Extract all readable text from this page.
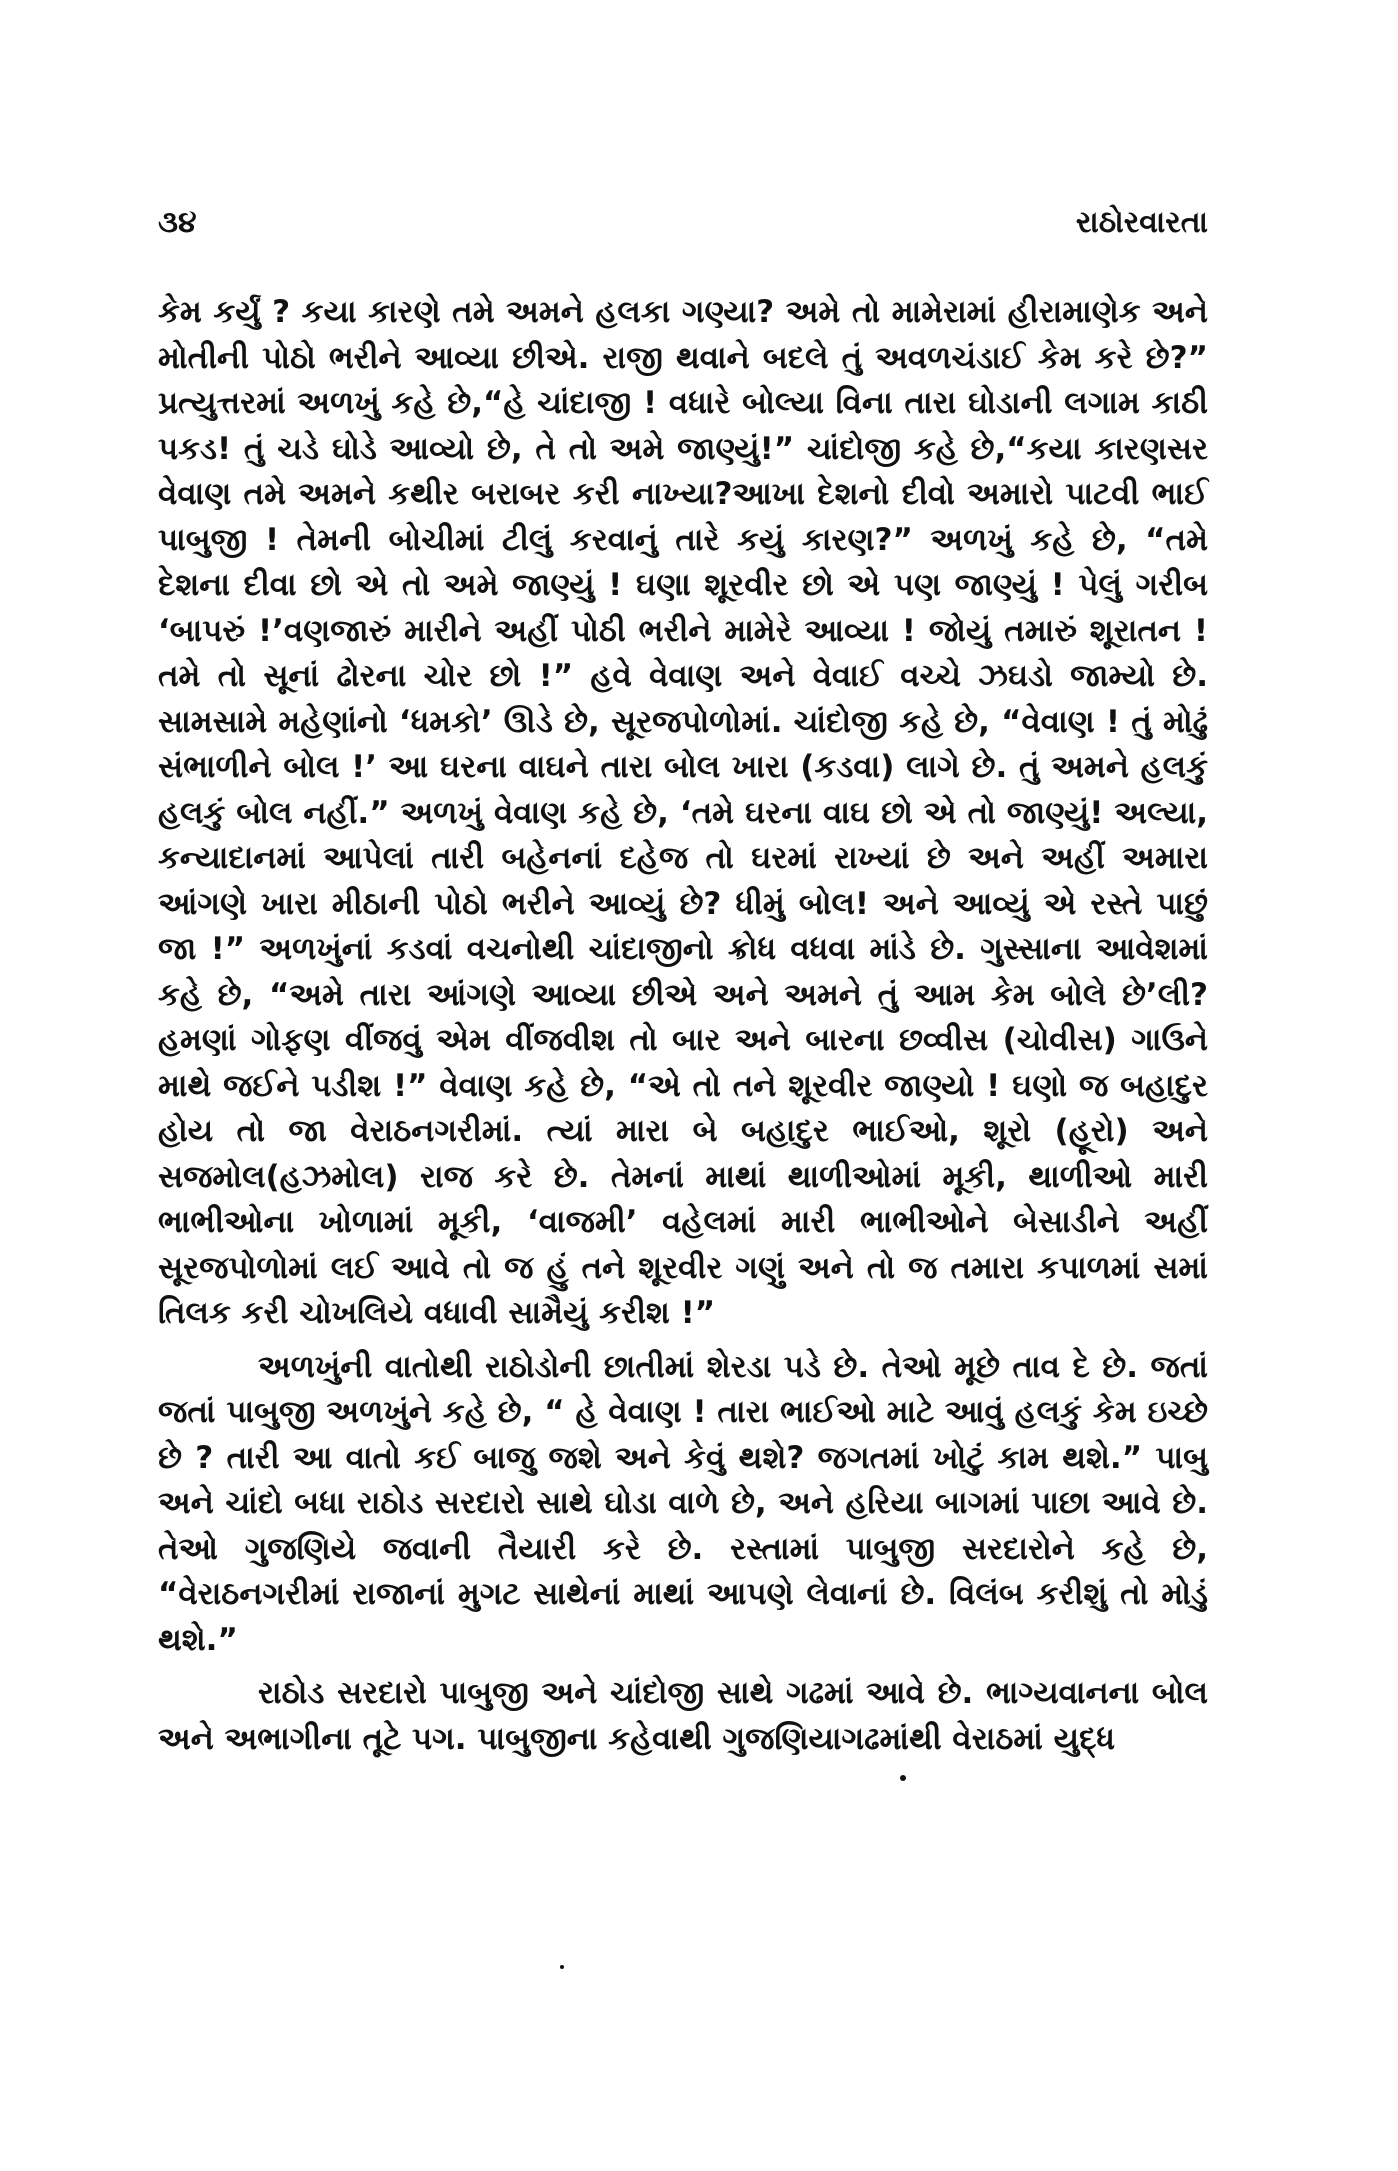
૩૪	રાઠોરવારતા

કેમ કર્યું ? કયા કારણે તમે અમને હલકા ગણ્યા? અમે તો મામેરામાં હીરામાણેક અને મોતીની પોઠો ભરીને આવ્યા છીએ. રાજી થવાને બદલે તું અવળચંડાઈ કેમ કરે છે?” પ્રત્યુત્તરમાં અળખું કહે છે,“હે ચાંદાજી ! વધારે બોલ્યા વિના તારા ઘોડાની લગામ કાઠી પકડ! તું ચડે ઘોડે આવ્યો છે, તે તો અમે જાણ્યું!” ચાંદોજી કહે છે,“કયા કારણસર વેવાણ તમે અમને કથીર બરાબર કરી નાખ્યા?આખા દેશનો દીવો અમારો પાટવી ભાઈ પાબુજી ! તેમની બોચીમાં ટીલું કરવાનું તારે કયું કારણ?” અળખું કહે છે, “તમે દેશના દીવા છો એ તો અમે જાણ્યું ! ઘણા શૂરવીર છો એ પણ જાણ્યું ! પેલું ગરીબ ‘બાપરું !’વણજારું મારીને અહીં પોઠી ભરીને મામેરે આવ્યા ! જોયું તમારું શૂરાતન ! તમે તો સૂનાં ઢોરના ચોર છો !” હવે વેવાણ અને વેવાઈ વચ્ચે ઝઘડો જામ્યો છે. સામસામે મહેણાંનો ‘ધમકો’ ઊડે છે, સૂરજપોળોમાં. ચાંદોજી કહે છે, “વેવાણ ! તું મોઢું સંભાળીને બોલ !’ આ ઘરના વાઘને તારા બોલ ખારા (કડવા) લાગે છે. તું અમને હલકું હલકું બોલ નહીં.” અળખું વેવાણ કહે છે, ‘તમે ઘરના વાઘ છો એ તો જાણ્યું! અલ્યા, કન્યાદાનમાં આપેલાં તારી બહેનનાં દહેજ તો ઘરમાં રાખ્યાં છે અને અહીં અમારા આંગણે ખારા મીઠાની પોઠો ભરીને આવ્યું છે? ધીમું બોલ! અને આવ્યું એ રસ્તે પાછું જા !” અળખુંનાં કડવાં વચનોથી ચાંદાજીનો ક્રોધ વધવા માંડે છે. ગુસ્સાના આવેશમાં કહે છે, “અમે તારા આંગણે આવ્યા છીએ અને અમને તું આમ કેમ બોલે છે’લી? હમણાં ગોફણ વીંજવું એમ વીંજવીશ તો બાર અને બારના છવ્વીસ (ચોવીસ) ગાઉને માથે જઈને પડીશ !” વેવાણ કહે છે, “એ તો તને શૂરવીર જાણ્યો ! ઘણો જ બહાદુર હોય તો જા વેરાઠનગરીમાં. ત્યાં મારા બે બહાદુર ભાઈઓ, શૂરો (હૂરો) અને સજમોલ(હઝમોલ) રાજ કરે છે. તેમનાં માથાં થાળીઓમાં મૂકી, થાળીઓ મારી ભાભીઓના ખોળામાં મૂકી, ‘વાજમી’ વહેલમાં મારી ભાભીઓને બેસાડીને અહીં સૂરજપોળોમાં લઈ આવે તો જ હું તને શૂરવીર ગણું અને તો જ તમારા કપાળમાં સમાં તિલક કરી ચોખલિયે વધાવી સામૈયું કરીશ !”

અળખુંની વાતોથી રાઠોડોની છાતીમાં શેરડા પડે છે. તેઓ મૂછે તાવ દે છે. જતાં જતાં પાબુજી અળખુંને કહે છે, “ હે વેવાણ ! તારા ભાઈઓ માટે આવું હલકું કેમ ઇચ્છે છે ? તારી આ વાતો કઈ બાજુ જશે અને કેવું થશે? જગતમાં ખોટું કામ થશે.” પાબુ અને ચાંદો બધા રાઠોડ સરદારો સાથે ઘોડા વાળે છે, અને હરિયા બાગમાં પાછા આવે છે. તેઓ ગુજણિયે જવાની તૈયારી કરે છે. રસ્તામાં પાબુજી સરદારોને કહે છે, “વેરાઠનગરીમાં રાજાનાં મુગટ સાથેનાં માથાં આપણે લેવાનાં છે. વિલંબ કરીશું તો મોડું થશે.”

રાઠોડ સરદારો પાબુજી અને ચાંદોજી સાથે ગઢમાં આવે છે. ભાગ્યવાનના બોલ અને અભાગીના તૂટે પગ. પાબુજીના કહેવાથી ગુજણિયાગઢમાંથી વેરાઠમાં યુદ્ધ
